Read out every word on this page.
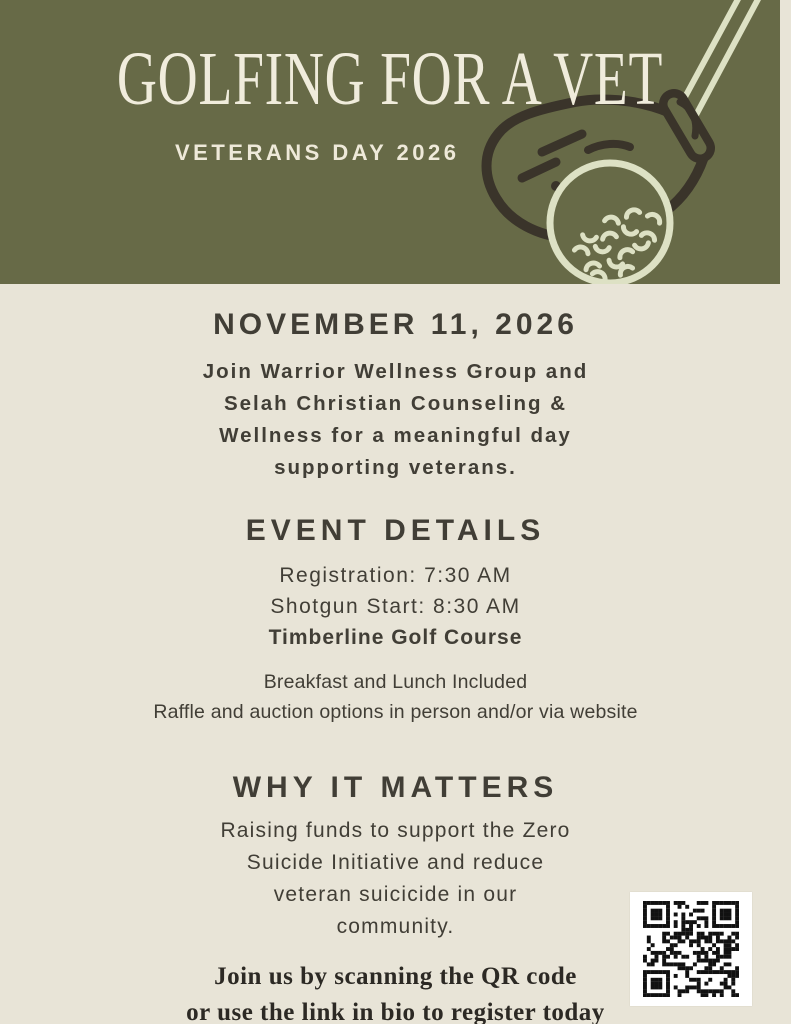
GOLFING FOR A VET
VETERANS DAY 2026
NOVEMBER 11, 2026

Join Warrior Wellness Group and
Selah Christian Counseling &
Wellness for a meaningful day
supporting veterans.

EVENT DETAILS

Registration: 7:30 AM
Shotgun Start: 8:30 AM
Timberline Golf Course

Breakfast and Lunch Included
Raffle and auction options in person and/or via website

WHY IT MATTERS

Raising funds to support the Zero
Suicide Initiative and reduce
veteran suicicide in our
community.

Join us by scanning the QR code
or use the link in bio to register today
